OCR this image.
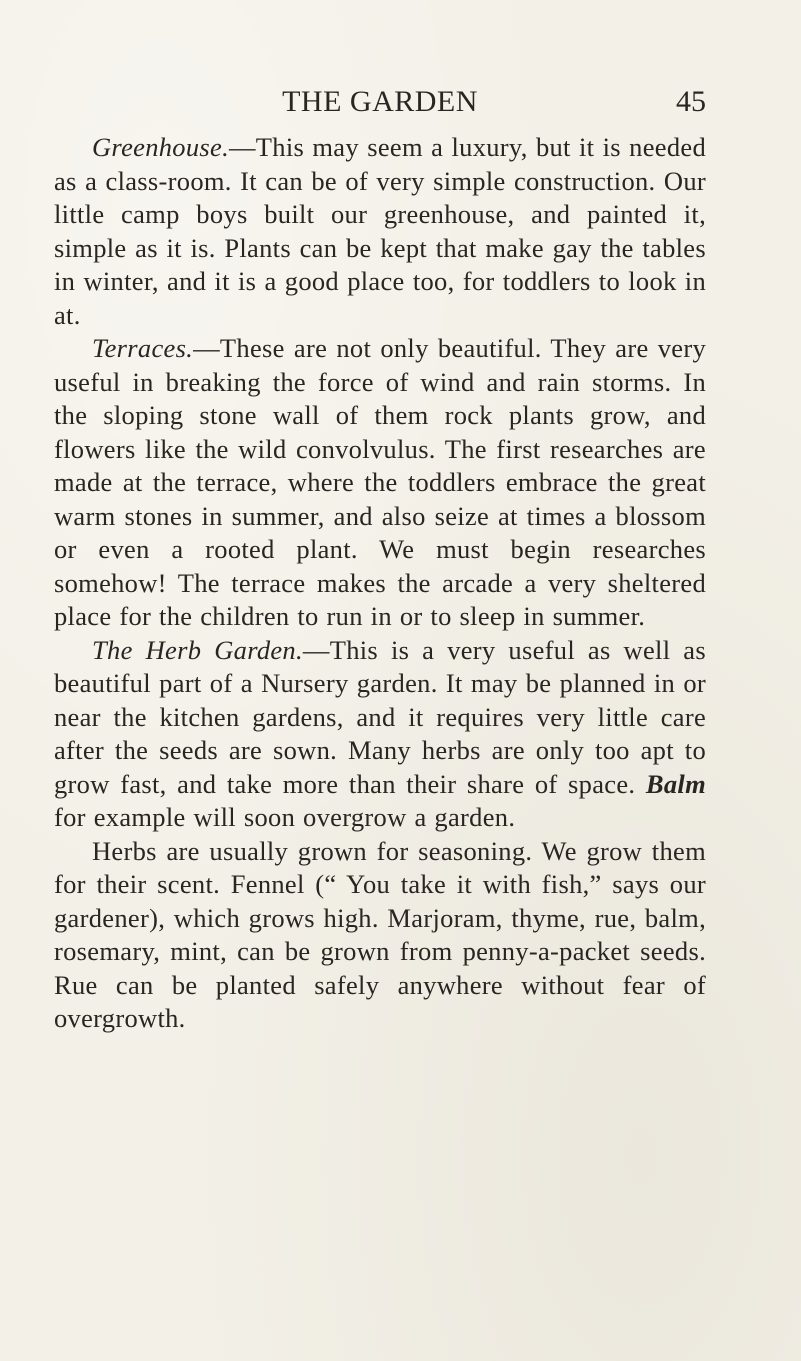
THE GARDEN	45

Greenhouse.—This may seem a luxury, but it is needed as a class-room. It can be of very simple construction. Our little camp boys built our greenhouse, and painted it, simple as it is. Plants can be kept that make gay the tables in winter, and it is a good place too, for toddlers to look in at.

Terraces.—These are not only beautiful. They are very useful in breaking the force of wind and rain storms. In the sloping stone wall of them rock plants grow, and flowers like the wild convolvulus. The first researches are made at the terrace, where the toddlers embrace the great warm stones in summer, and also seize at times a blossom or even a rooted plant. We must begin researches somehow! The terrace makes the arcade a very sheltered place for the children to run in or to sleep in summer.

The Herb Garden.—This is a very useful as well as beautiful part of a Nursery garden. It may be planned in or near the kitchen gardens, and it requires very little care after the seeds are sown. Many herbs are only too apt to grow fast, and take more than their share of space. Balm for example will soon overgrow a garden.

Herbs are usually grown for seasoning. We grow them for their scent. Fennel (“ You take it with fish,” says our gardener), which grows high. Marjoram, thyme, rue, balm, rosemary, mint, can be grown from penny-a-packet seeds. Rue can be planted safely anywhere without fear of overgrowth.
